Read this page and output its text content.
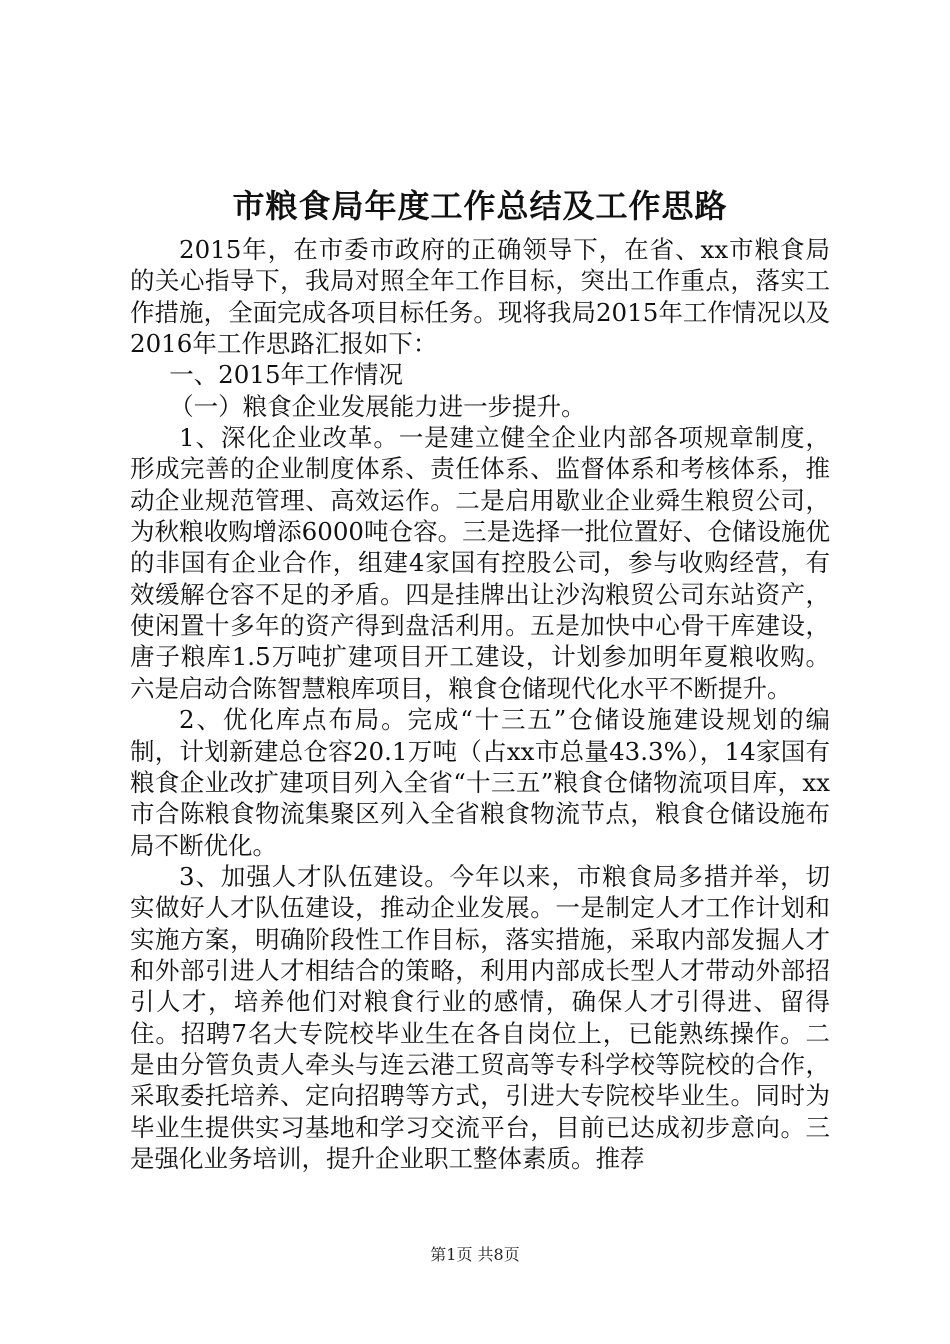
市粮食局年度工作总结及工作思路

2015年，在市委市政府的正确领导下，在省、xx市粮食局的关心指导下，我局对照全年工作目标，突出工作重点，落实工作措施，全面完成各项目标任务。现将我局2015年工作情况以及2016年工作思路汇报如下：

一、2015年工作情况

（一）粮食企业发展能力进一步提升。

1、深化企业改革。一是建立健全企业内部各项规章制度，形成完善的企业制度体系、责任体系、监督体系和考核体系，推动企业规范管理、高效运作。二是启用歇业企业舜生粮贸公司，为秋粮收购增添6000吨仓容。三是选择一批位置好、仓储设施优的非国有企业合作，组建4家国有控股公司，参与收购经营，有效缓解仓容不足的矛盾。四是挂牌出让沙沟粮贸公司东站资产，使闲置十多年的资产得到盘活利用。五是加快中心骨干库建设，唐子粮库1.5万吨扩建项目开工建设，计划参加明年夏粮收购。六是启动合陈智慧粮库项目，粮食仓储现代化水平不断提升。

2、优化库点布局。完成“十三五”仓储设施建设规划的编制，计划新建总仓容20.1万吨（占xx市总量43.3%），14家国有粮食企业改扩建项目列入全省“十三五”粮食仓储物流项目库，xx市合陈粮食物流集聚区列入全省粮食物流节点，粮食仓储设施布局不断优化。

3、加强人才队伍建设。今年以来，市粮食局多措并举，切实做好人才队伍建设，推动企业发展。一是制定人才工作计划和实施方案，明确阶段性工作目标，落实措施，采取内部发掘人才和外部引进人才相结合的策略，利用内部成长型人才带动外部招引人才，培养他们对粮食行业的感情，确保人才引得进、留得住。招聘7名大专院校毕业生在各自岗位上，已能熟练操作。二是由分管负责人牵头与连云港工贸高等专科学校等院校的合作，采取委托培养、定向招聘等方式，引进大专院校毕业生。同时为毕业生提供实习基地和学习交流平台，目前已达成初步意向。三是强化业务培训，提升企业职工整体素质。推荐

第1页 共8页
